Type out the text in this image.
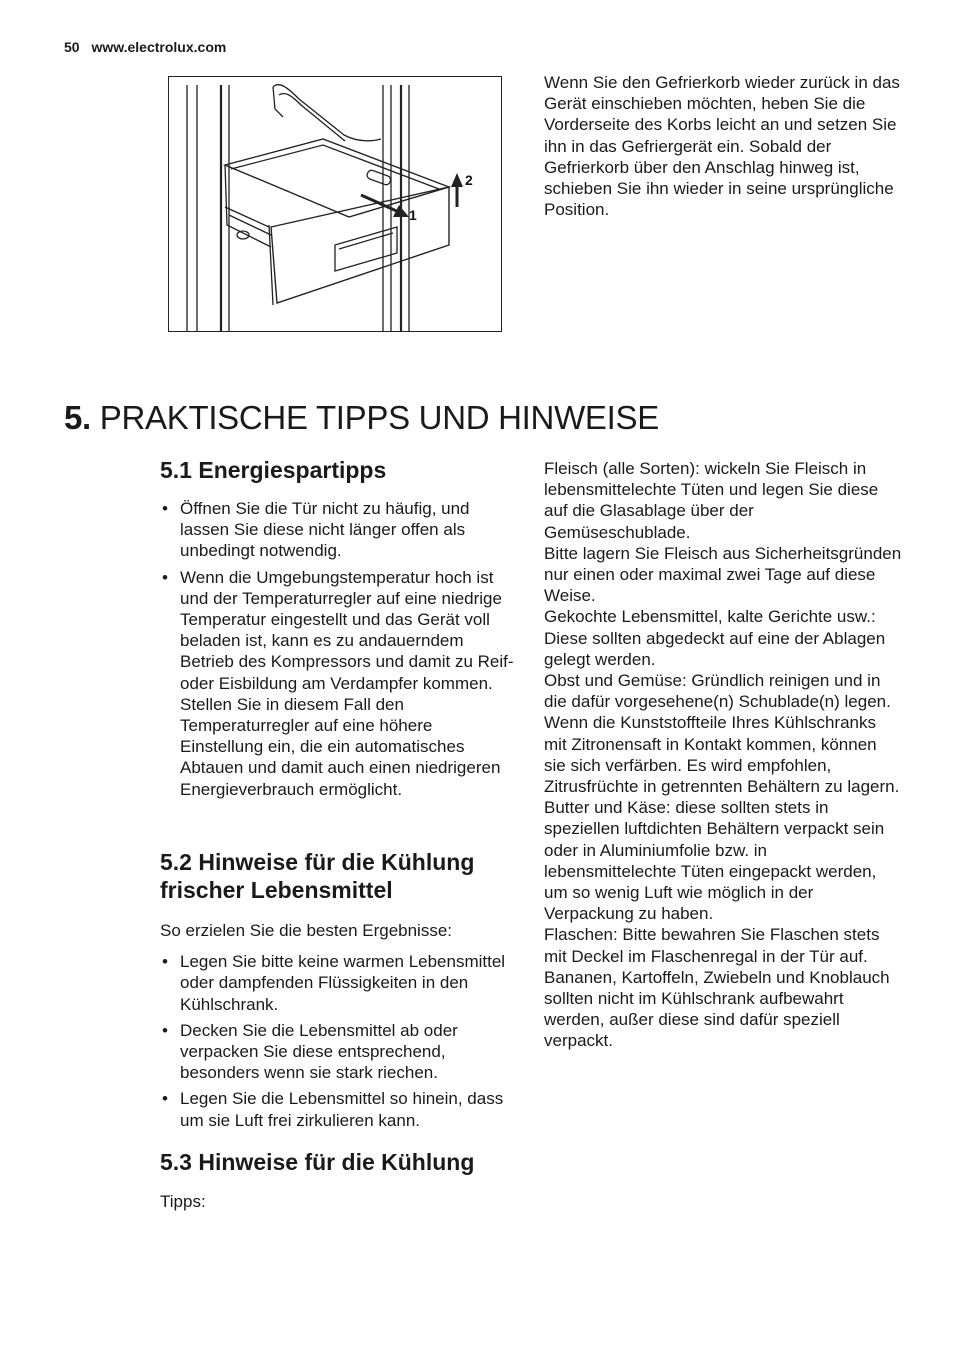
50 www.electrolux.com
1
2

Wenn Sie den Gefrierkorb wieder zurück in das Gerät einschieben möchten, heben Sie die Vorderseite des Korbs leicht an und setzen Sie ihn in das Gefriergerät ein. Sobald der Gefrierkorb über den Anschlag hinweg ist, schieben Sie ihn wieder in seine ursprüngliche Position.

5. PRAKTISCHE TIPPS UND HINWEISE
5.1 Energiespartipps
• Öffnen Sie die Tür nicht zu häufig, und lassen Sie diese nicht länger offen als unbedingt notwendig.
• Wenn die Umgebungstemperatur hoch ist und der Temperaturregler auf eine niedrige Temperatur eingestellt und das Gerät voll beladen ist, kann es zu andauerndem Betrieb des Kompressors und damit zu Reif- oder Eisbildung am Verdampfer kommen. Stellen Sie in diesem Fall den Temperaturregler auf eine höhere Einstellung ein, die ein automatisches Abtauen und damit auch einen niedrigeren Energieverbrauch ermöglicht.
5.2 Hinweise für die Kühlung
frischer Lebensmittel

So erzielen Sie die besten Ergebnisse:

• Legen Sie bitte keine warmen Lebensmittel oder dampfenden Flüssigkeiten in den Kühlschrank.
• Decken Sie die Lebensmittel ab oder verpacken Sie diese entsprechend, besonders wenn sie stark riechen.
• Legen Sie die Lebensmittel so hinein, dass um sie Luft frei zirkulieren kann.
5.3 Hinweise für die Kühlung

Tipps:

Fleisch (alle Sorten): wickeln Sie Fleisch in lebensmittelechte Tüten und legen Sie diese auf die Glasablage über der Gemüseschublade.

Bitte lagern Sie Fleisch aus Sicherheitsgründen nur einen oder maximal zwei Tage auf diese Weise.

Gekochte Lebensmittel, kalte Gerichte usw.: Diese sollten abgedeckt auf eine der Ablagen gelegt werden.

Obst und Gemüse: Gründlich reinigen und in die dafür vorgesehene(n) Schublade(n) legen. Wenn die Kunststoffteile Ihres Kühlschranks mit Zitronensaft in Kontakt kommen, können sie sich verfärben. Es wird empfohlen, Zitrusfrüchte in getrennten Behältern zu lagern.

Butter und Käse: diese sollten stets in speziellen luftdichten Behältern verpackt sein oder in Aluminiumfolie bzw. in lebensmittelechte Tüten eingepackt werden, um so wenig Luft wie möglich in der Verpackung zu haben.

Flaschen: Bitte bewahren Sie Flaschen stets mit Deckel im Flaschenregal in der Tür auf.

Bananen, Kartoffeln, Zwiebeln und Knoblauch sollten nicht im Kühlschrank aufbewahrt werden, außer diese sind dafür speziell verpackt.
